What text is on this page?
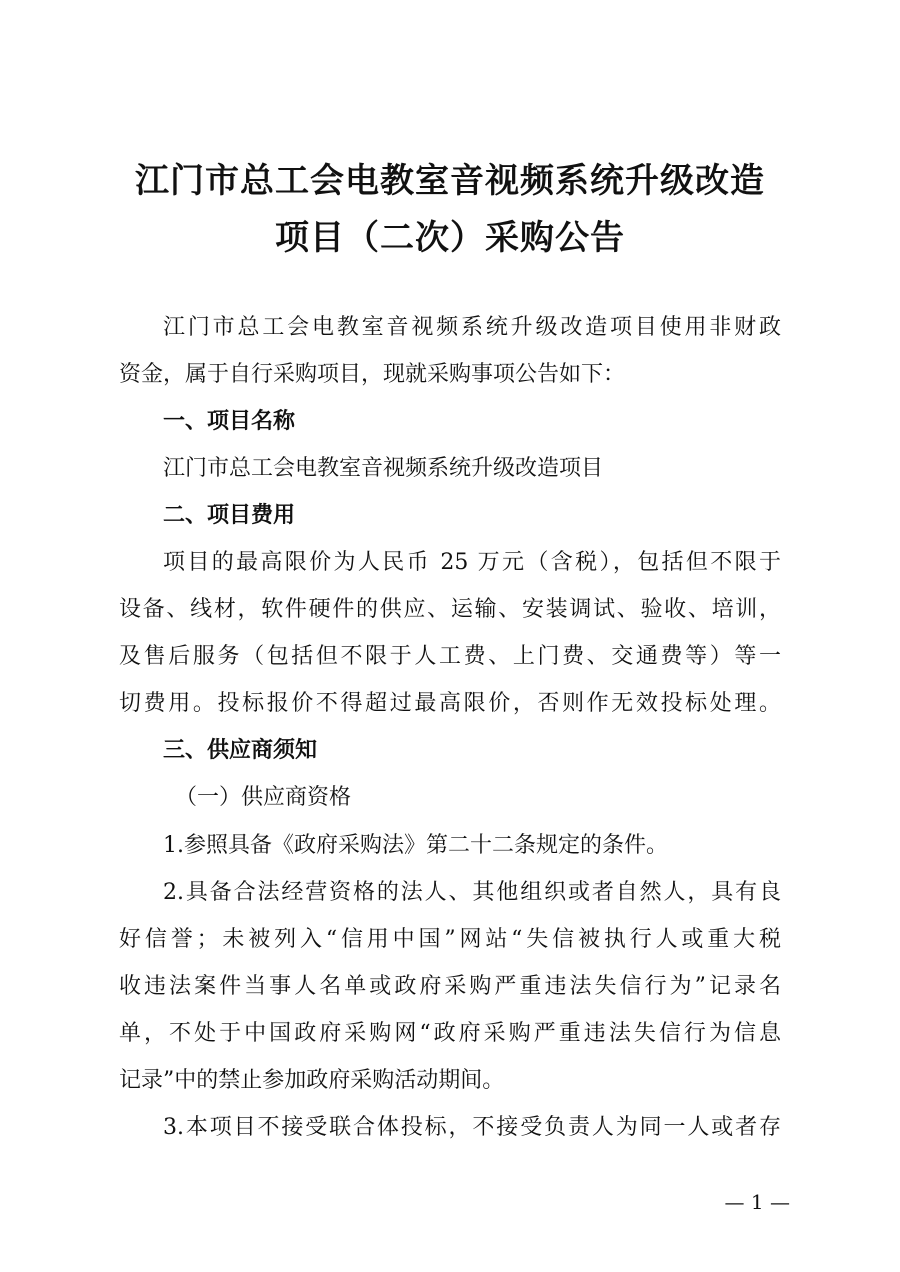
江门市总工会电教室音视频系统升级改造
项目（二次）采购公告
江门市总工会电教室音视频系统升级改造项目使用非财政
资金，属于自行采购项目，现就采购事项公告如下：
一、项目名称
江门市总工会电教室音视频系统升级改造项目
二、项目费用
项目的最高限价为人民币 25 万元（含税），包括但不限于
设备、线材，软件硬件的供应、运输、安装调试、验收、培训，
及售后服务（包括但不限于人工费、上门费、交通费等）等一
切费用。投标报价不得超过最高限价，否则作无效投标处理。
三、供应商须知
（一）供应商资格
1.参照具备《政府采购法》第二十二条规定的条件。
2.具备合法经营资格的法人、其他组织或者自然人，具有良
好信誉；未被列入“信用中国”网站“失信被执行人或重大税
收违法案件当事人名单或政府采购严重违法失信行为”记录名
单，不处于中国政府采购网“政府采购严重违法失信行为信息
记录”中的禁止参加政府采购活动期间。
3.本项目不接受联合体投标，不接受负责人为同一人或者存
— 1 —
